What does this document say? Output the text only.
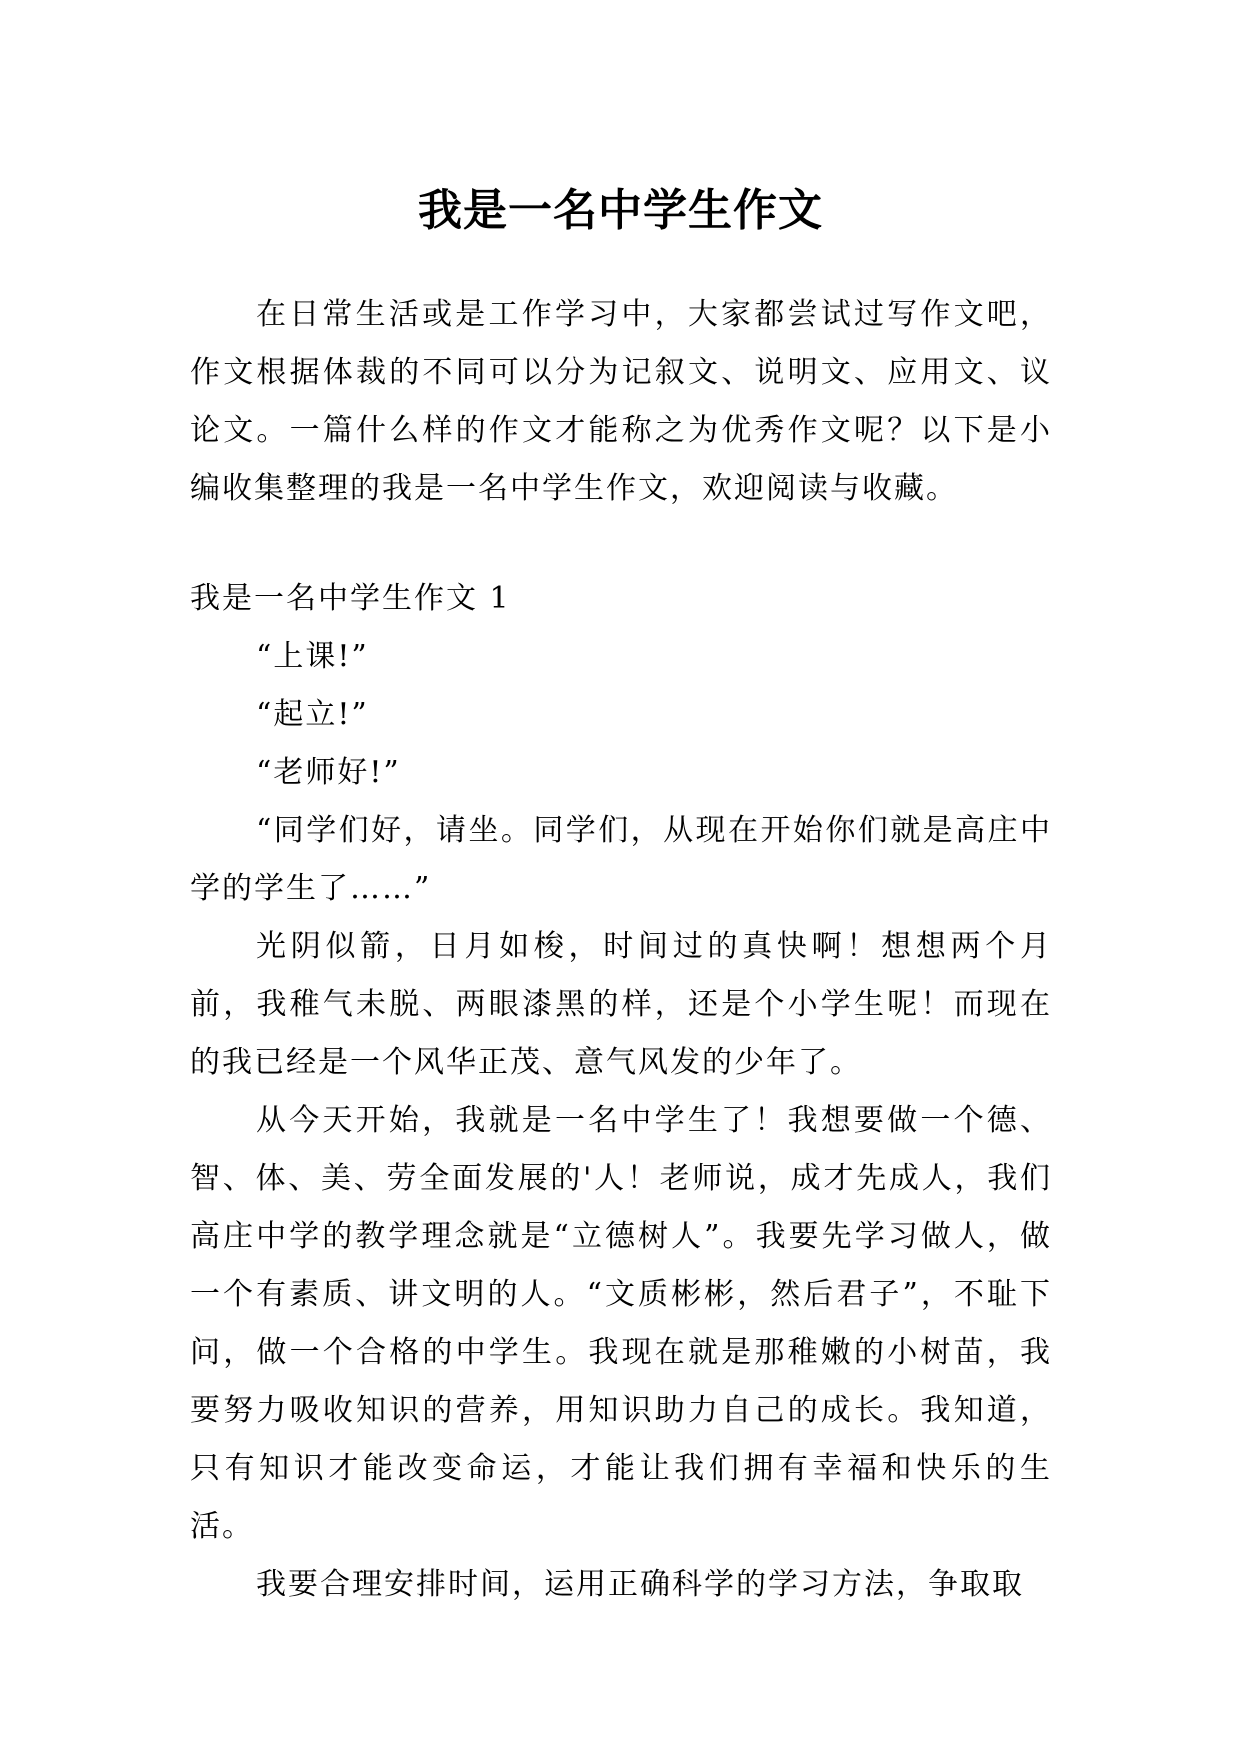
我是一名中学生作文

在日常生活或是工作学习中，大家都尝试过写作文吧，作文根据体裁的不同可以分为记叙文、说明文、应用文、议论文。一篇什么样的作文才能称之为优秀作文呢？以下是小编收集整理的我是一名中学生作文，欢迎阅读与收藏。

我是一名中学生作文 1

“上课!”

“起立!”

“老师好!”

“同学们好，请坐。同学们，从现在开始你们就是高庄中学的学生了……”

光阴似箭，日月如梭，时间过的真快啊！想想两个月前，我稚气未脱、两眼漆黑的样，还是个小学生呢！而现在的我已经是一个风华正茂、意气风发的少年了。

从今天开始，我就是一名中学生了！我想要做一个德、智、体、美、劳全面发展的'人！老师说，成才先成人，我们高庄中学的教学理念就是“立德树人”。我要先学习做人，做一个有素质、讲文明的人。“文质彬彬，然后君子”，不耻下问，做一个合格的中学生。我现在就是那稚嫩的小树苗，我要努力吸收知识的营养，用知识助力自己的成长。我知道，只有知识才能改变命运，才能让我们拥有幸福和快乐的生活。

我要合理安排时间，运用正确科学的学习方法，争取取
